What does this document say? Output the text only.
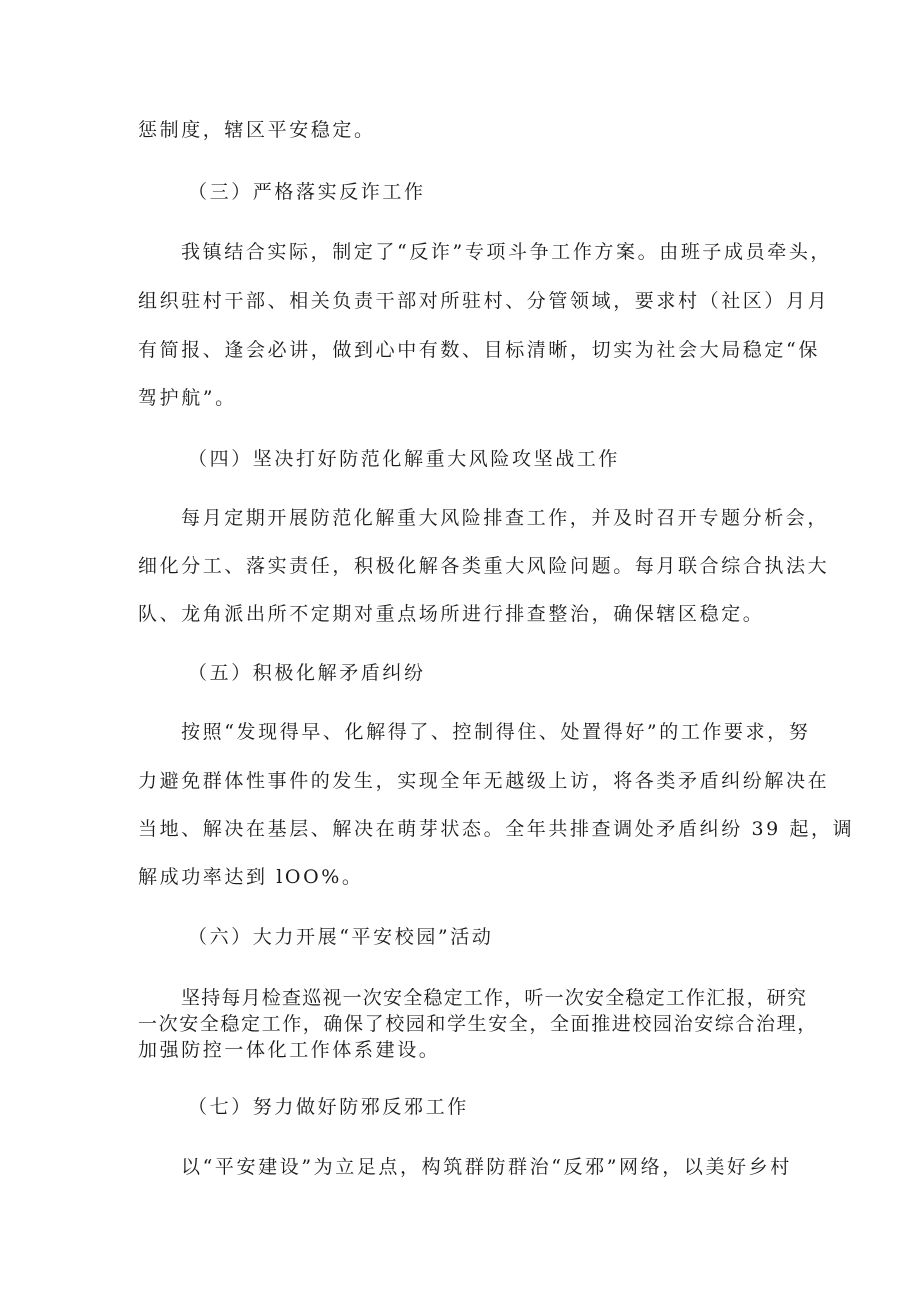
惩制度，辖区平安稳定。
（三）严格落实反诈工作
我镇结合实际，制定了“反诈”专项斗争工作方案。由班子成员牵头，
组织驻村干部、相关负责干部对所驻村、分管领域，要求村（社区）月月
有简报、逢会必讲，做到心中有数、目标清晰，切实为社会大局稳定“保
驾护航”。
（四）坚决打好防范化解重大风险攻坚战工作
每月定期开展防范化解重大风险排查工作，并及时召开专题分析会，
细化分工、落实责任，积极化解各类重大风险问题。每月联合综合执法大
队、龙角派出所不定期对重点场所进行排查整治，确保辖区稳定。
（五）积极化解矛盾纠纷
按照“发现得早、化解得了、控制得住、处置得好”的工作要求，努
力避免群体性事件的发生，实现全年无越级上访，将各类矛盾纠纷解决在
当地、解决在基层、解决在萌芽状态。全年共排查调处矛盾纠纷 39 起，调
解成功率达到 lOO%。
（六）大力开展“平安校园”活动
坚持每月检查巡视一次安全稳定工作，听一次安全稳定工作汇报，研究
一次安全稳定工作，确保了校园和学生安全，全面推进校园治安综合治理，
加强防控一体化工作体系建设。
（七）努力做好防邪反邪工作
以“平安建设”为立足点，构筑群防群治“反邪”网络，以美好乡村
